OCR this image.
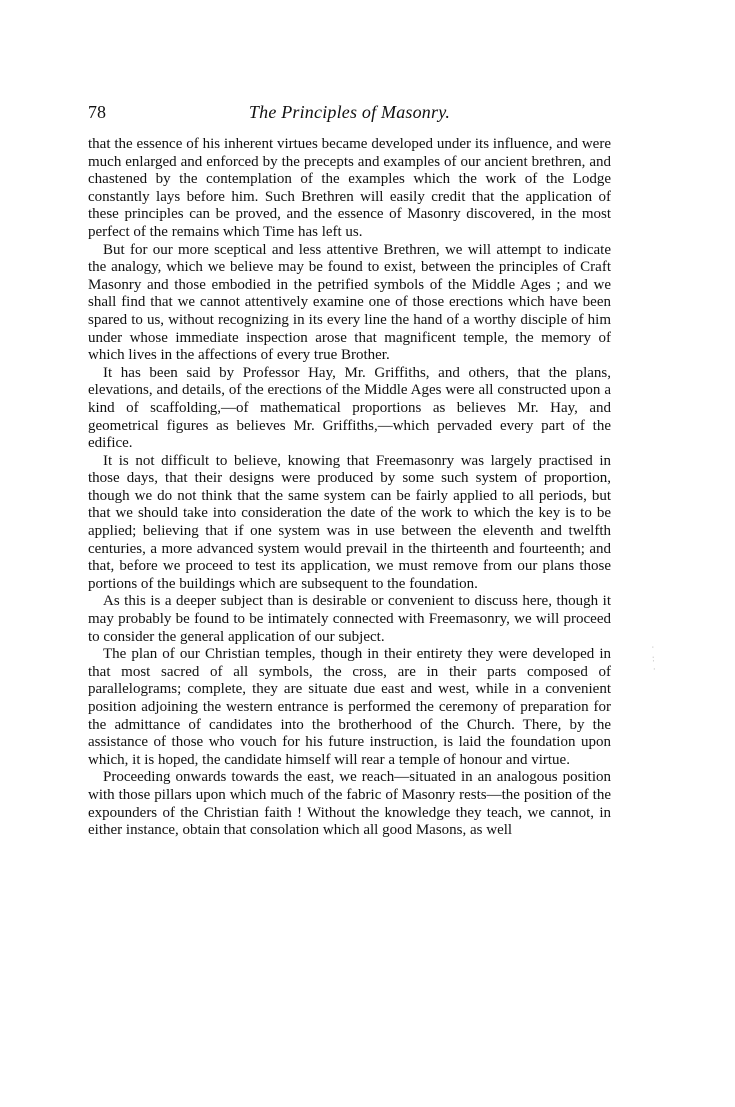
78	The Principles of Masonry.

that the essence of his inherent virtues became developed under its influence, and were much enlarged and enforced by the precepts and examples of our ancient brethren, and chastened by the contemplation of the examples which the work of the Lodge constantly lays before him. Such Brethren will easily credit that the application of these principles can be proved, and the essence of Masonry discovered, in the most perfect of the remains which Time has left us.

But for our more sceptical and less attentive Brethren, we will attempt to indicate the analogy, which we believe may be found to exist, between the principles of Craft Masonry and those embodied in the petrified symbols of the Middle Ages ; and we shall find that we cannot attentively examine one of those erections which have been spared to us, without recognizing in its every line the hand of a worthy disciple of him under whose immediate inspection arose that magnificent temple, the memory of which lives in the affections of every true Brother.

It has been said by Professor Hay, Mr. Griffiths, and others, that the plans, elevations, and details, of the erections of the Middle Ages were all constructed upon a kind of scaffolding,—of mathematical proportions as believes Mr. Hay, and geometrical figures as believes Mr. Griffiths,—which pervaded every part of the edifice.

It is not difficult to believe, knowing that Freemasonry was largely practised in those days, that their designs were produced by some such system of proportion, though we do not think that the same system can be fairly applied to all periods, but that we should take into consideration the date of the work to which the key is to be applied; believing that if one system was in use between the eleventh and twelfth centuries, a more advanced system would prevail in the thirteenth and fourteenth; and that, before we proceed to test its application, we must remove from our plans those portions of the buildings which are subsequent to the foundation.

As this is a deeper subject than is desirable or convenient to discuss here, though it may probably be found to be intimately connected with Freemasonry, we will proceed to consider the general application of our subject.

The plan of our Christian temples, though in their entirety they were developed in that most sacred of all symbols, the cross, are in their parts composed of parallelograms; complete, they are situate due east and west, while in a convenient position adjoining the western entrance is performed the ceremony of preparation for the admittance of candidates into the brotherhood of the Church. There, by the assistance of those who vouch for his future instruction, is laid the foundation upon which, it is hoped, the candidate himself will rear a temple of honour and virtue.

Proceeding onwards towards the east, we reach—situated in an analogous position with those pillars upon which much of the fabric of Masonry rests—the position of the expounders of the Christian faith ! Without the knowledge they teach, we cannot, in either instance, obtain that consolation which all good Masons, as well

·
:
·
